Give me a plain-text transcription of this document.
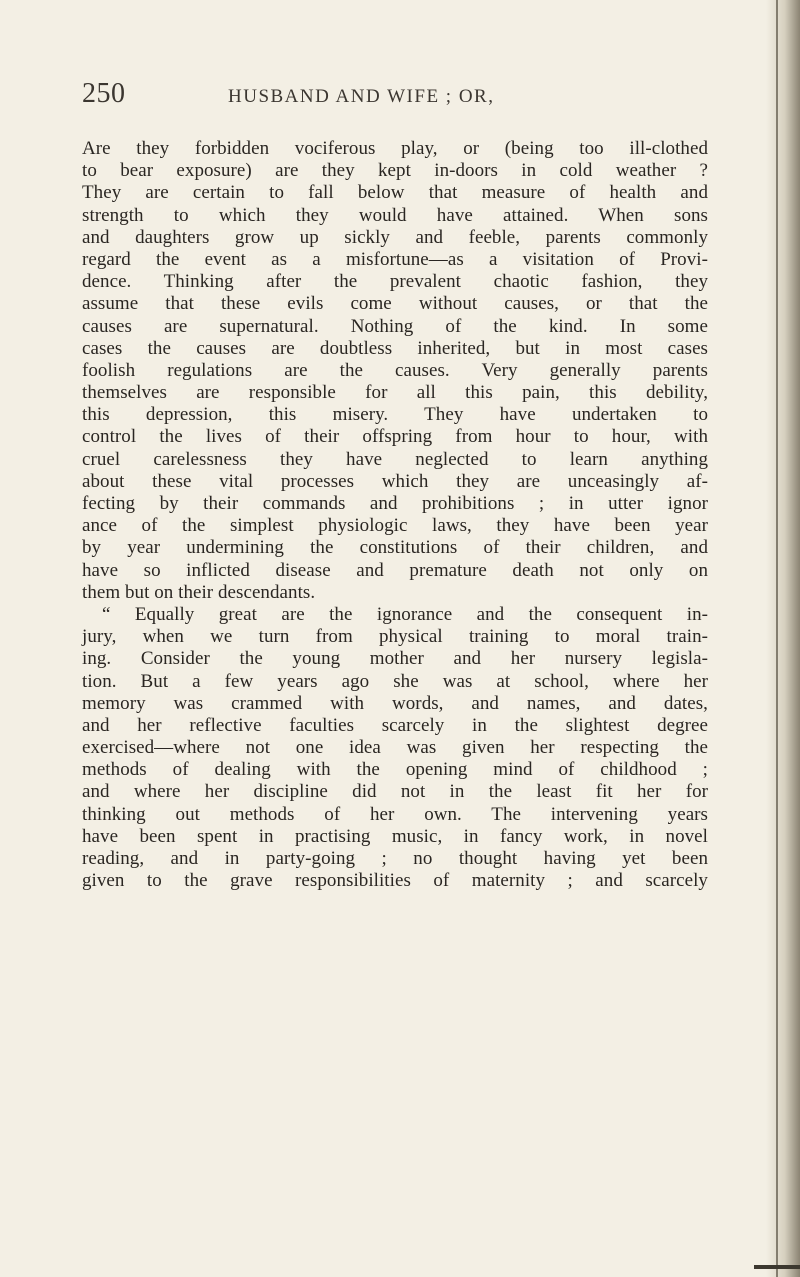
250	HUSBAND AND WIFE ; OR,
Are they forbidden vociferous play, or (being too ill-clothed
to bear exposure) are they kept in-doors in cold weather ?
They are certain to fall below that measure of health and
strength to which they would have attained. When sons
and daughters grow up sickly and feeble, parents commonly
regard the event as a misfortune—as a visitation of Provi-
dence. Thinking after the prevalent chaotic fashion, they
assume that these evils come without causes, or that the
causes are supernatural. Nothing of the kind. In some
cases the causes are doubtless inherited, but in most cases
foolish regulations are the causes. Very generally parents
themselves are responsible for all this pain, this debility,
this depression, this misery. They have undertaken to
control the lives of their offspring from hour to hour, with
cruel carelessness they have neglected to learn anything
about these vital processes which they are unceasingly af-
fecting by their commands and prohibitions ; in utter ignor
ance of the simplest physiologic laws, they have been year
by year undermining the constitutions of their children, and
have so inflicted disease and premature death not only on
them but on their descendants.
“ Equally great are the ignorance and the consequent in-
jury, when we turn from physical training to moral train-
ing. Consider the young mother and her nursery legisla-
tion. But a few years ago she was at school, where her
memory was crammed with words, and names, and dates,
and her reflective faculties scarcely in the slightest degree
exercised—where not one idea was given her respecting the
methods of dealing with the opening mind of childhood ;
and where her discipline did not in the least fit her for
thinking out methods of her own. The intervening years
have been spent in practising music, in fancy work, in novel
reading, and in party-going ; no thought having yet been
given to the grave responsibilities of maternity ; and scarcely
